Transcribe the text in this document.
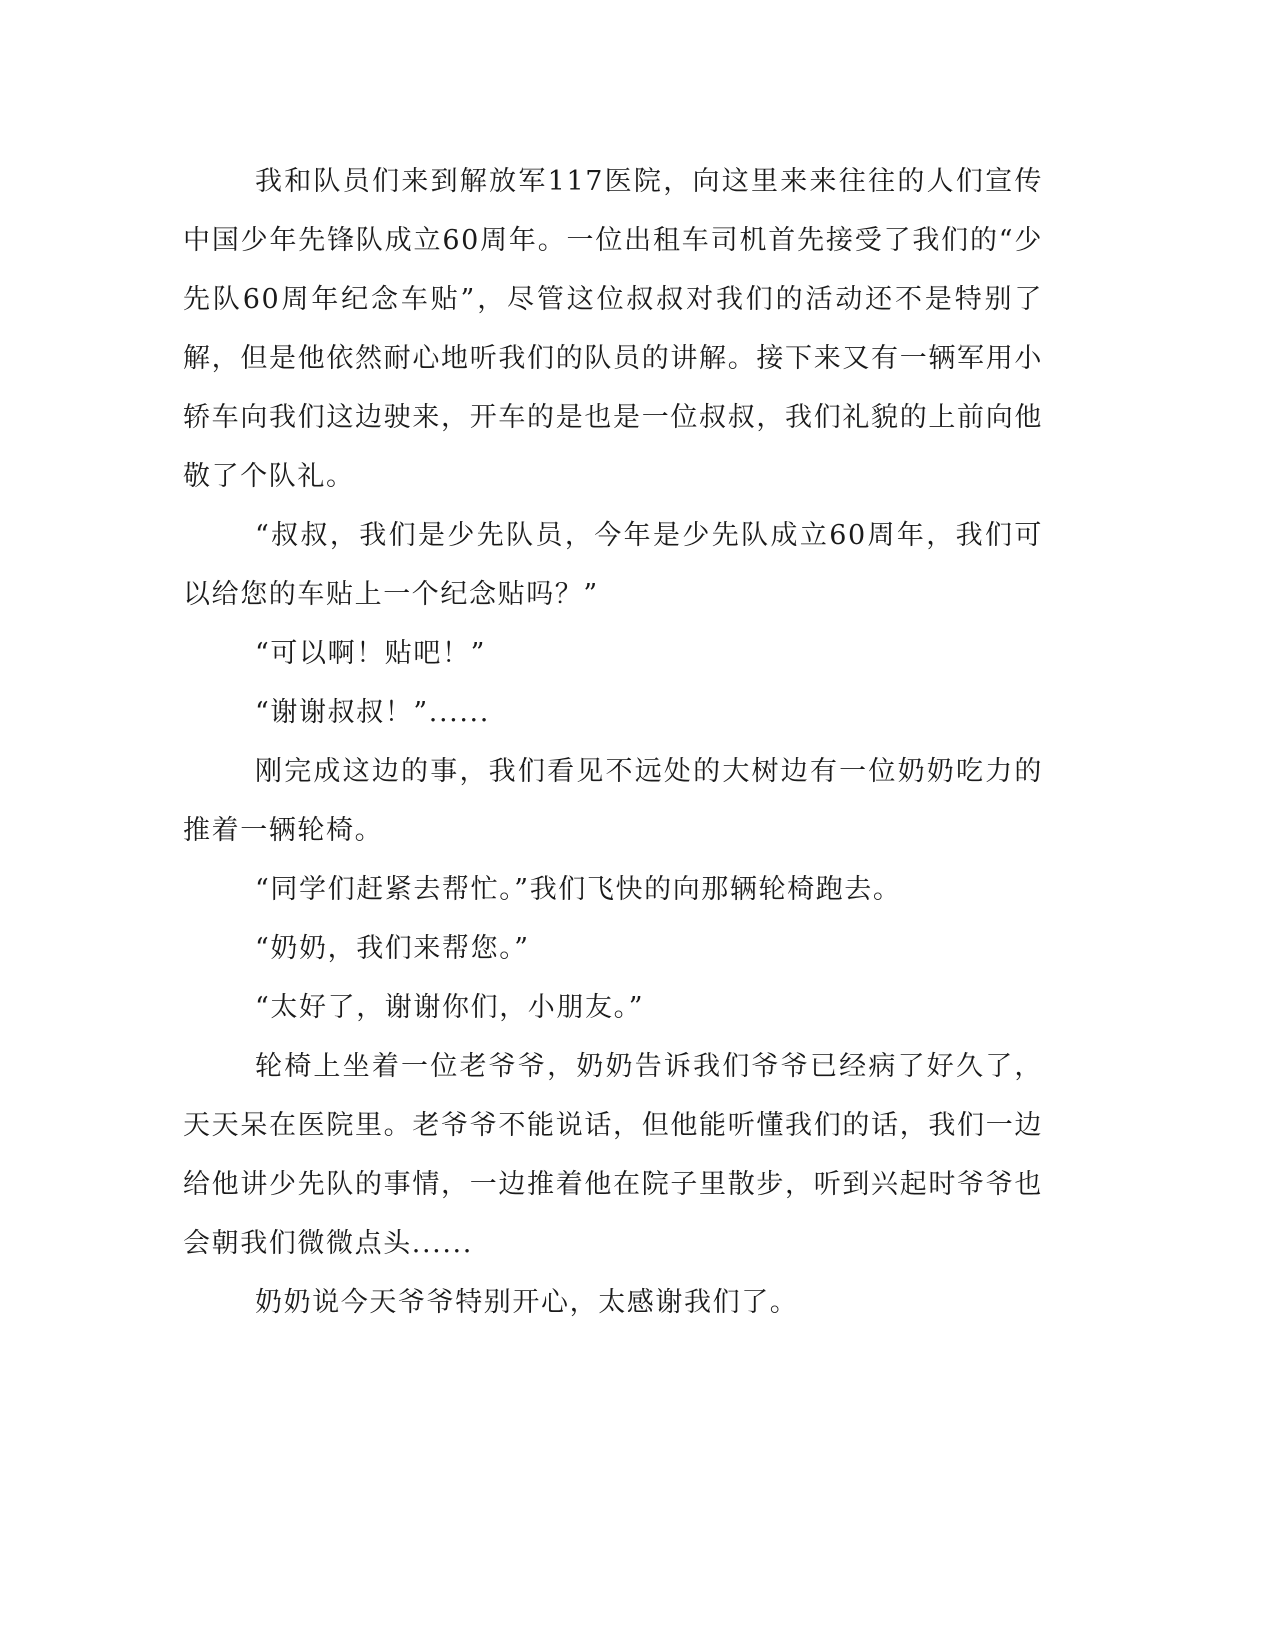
我和队员们来到解放军117医院，向这里来来往往的人们宣传中国少年先锋队成立60周年。一位出租车司机首先接受了我们的“少先队60周年纪念车贴”，尽管这位叔叔对我们的活动还不是特别了解，但是他依然耐心地听我们的队员的讲解。接下来又有一辆军用小轿车向我们这边驶来，开车的是也是一位叔叔，我们礼貌的上前向他敬了个队礼。

“叔叔，我们是少先队员，今年是少先队成立60周年，我们可以给您的车贴上一个纪念贴吗？”

“可以啊！贴吧！”

“谢谢叔叔！”......

刚完成这边的事，我们看见不远处的大树边有一位奶奶吃力的推着一辆轮椅。

“同学们赶紧去帮忙。”我们飞快的向那辆轮椅跑去。

“奶奶，我们来帮您。”

“太好了，谢谢你们，小朋友。”

轮椅上坐着一位老爷爷，奶奶告诉我们爷爷已经病了好久了，天天呆在医院里。老爷爷不能说话，但他能听懂我们的话，我们一边给他讲少先队的事情，一边推着他在院子里散步，听到兴起时爷爷也会朝我们微微点头......

奶奶说今天爷爷特别开心，太感谢我们了。
